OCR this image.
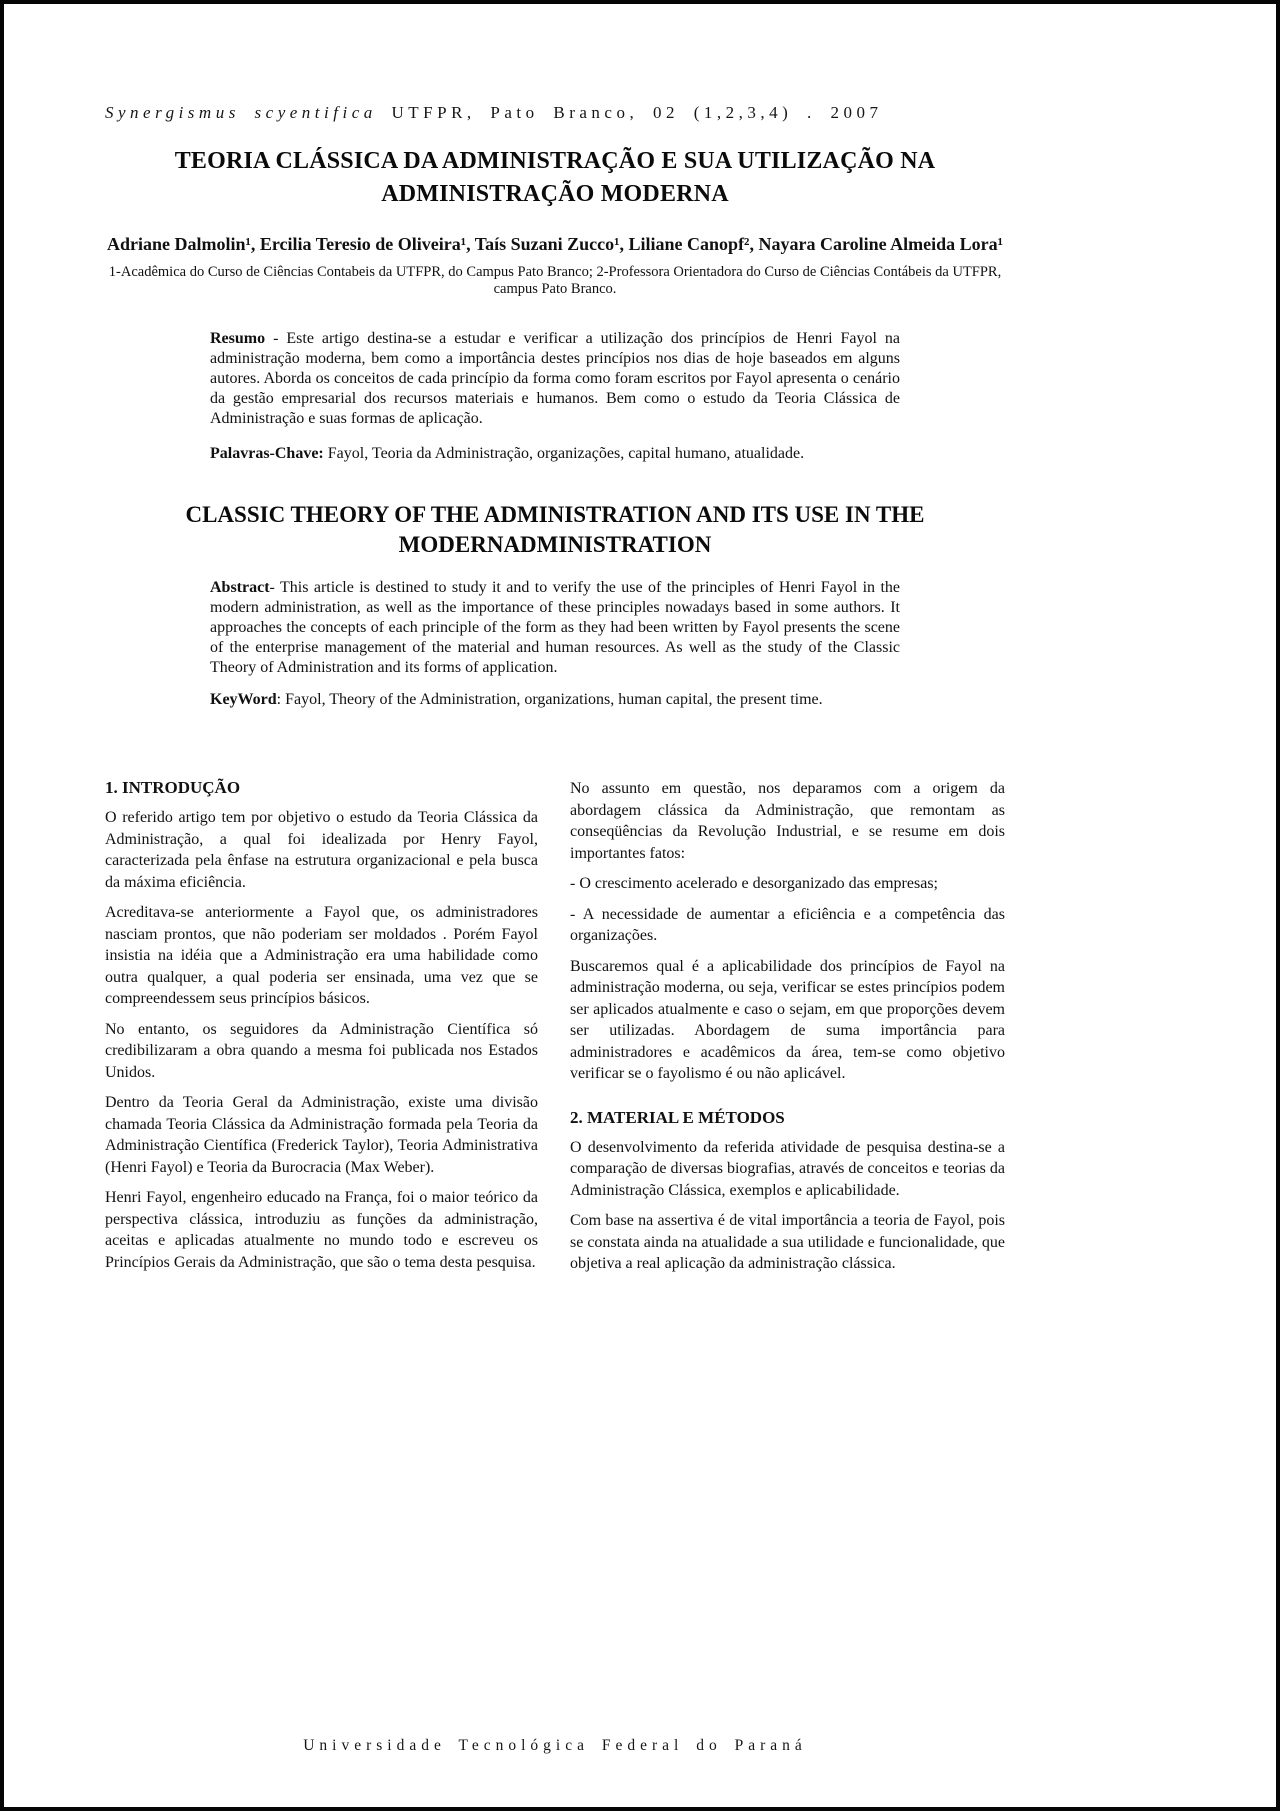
Synergismus scyentifica UTFPR, Pato Branco, 02 (1,2,3,4) . 2007
TEORIA CLÁSSICA DA ADMINISTRAÇÃO E SUA UTILIZAÇÃO NA ADMINISTRAÇÃO MODERNA
Adriane Dalmolin¹, Ercilia Teresio de Oliveira¹, Taís Suzani Zucco¹, Liliane Canopf², Nayara Caroline Almeida Lora¹
1-Acadêmica do Curso de Ciências Contabeis da UTFPR, do Campus Pato Branco; 2-Professora Orientadora do Curso de Ciências Contábeis da UTFPR, campus Pato Branco.
Resumo - Este artigo destina-se a estudar e verificar a utilização dos princípios de Henri Fayol na administração moderna, bem como a importância destes princípios nos dias de hoje baseados em alguns autores. Aborda os conceitos de cada princípio da forma como foram escritos por Fayol apresenta o cenário da gestão empresarial dos recursos materiais e humanos. Bem como o estudo da Teoria Clássica de Administração e suas formas de aplicação.
Palavras-Chave: Fayol, Teoria da Administração, organizações, capital humano, atualidade.
CLASSIC THEORY OF THE ADMINISTRATION AND ITS USE IN THE MODERNADMINISTRATION
Abstract- This article is destined to study it and to verify the use of the principles of Henri Fayol in the modern administration, as well as the importance of these principles nowadays based in some authors. It approaches the concepts of each principle of the form as they had been written by Fayol presents the scene of the enterprise management of the material and human resources. As well as the study of the Classic Theory of Administration and its forms of application.
KeyWord: Fayol, Theory of the Administration, organizations, human capital, the present time.
1. INTRODUÇÃO

O referido artigo tem por objetivo o estudo da Teoria Clássica da Administração, a qual foi idealizada por Henry Fayol, caracterizada pela ênfase na estrutura organizacional e pela busca da máxima eficiência.

Acreditava-se anteriormente a Fayol que, os administradores nasciam prontos, que não poderiam ser moldados . Porém Fayol insistia na idéia que a Administração era uma habilidade como outra qualquer, a qual poderia ser ensinada, uma vez que se compreendessem seus princípios básicos.

No entanto, os seguidores da Administração Científica só credibilizaram a obra quando a mesma foi publicada nos Estados Unidos.

Dentro da Teoria Geral da Administração, existe uma divisão chamada Teoria Clássica da Administração formada pela Teoria da Administração Científica (Frederick Taylor), Teoria Administrativa (Henri Fayol) e Teoria da Burocracia (Max Weber).

Henri Fayol, engenheiro educado na França, foi o maior teórico da perspectiva clássica, introduziu as funções da administração, aceitas e aplicadas atualmente no mundo todo e escreveu os Princípios Gerais da Administração, que são o tema desta pesquisa.

No assunto em questão, nos deparamos com a origem da abordagem clássica da Administração, que remontam as conseqüências da Revolução Industrial, e se resume em dois importantes fatos:

- O crescimento acelerado e desorganizado das empresas;

- A necessidade de aumentar a eficiência e a competência das organizações.

Buscaremos qual é a aplicabilidade dos princípios de Fayol na administração moderna, ou seja, verificar se estes princípios podem ser aplicados atualmente e caso o sejam, em que proporções devem ser utilizadas. Abordagem de suma importância para administradores e acadêmicos da área, tem-se como objetivo verificar se o fayolismo é ou não aplicável.

2. MATERIAL E MÉTODOS

O desenvolvimento da referida atividade de pesquisa destina-se a comparação de diversas biografias, através de conceitos e teorias da Administração Clássica, exemplos e aplicabilidade.

Com base na assertiva é de vital importância a teoria de Fayol, pois se constata ainda na atualidade a sua utilidade e funcionalidade, que objetiva a real aplicação da administração clássica.

Universidade Tecnológica Federal do Paraná
